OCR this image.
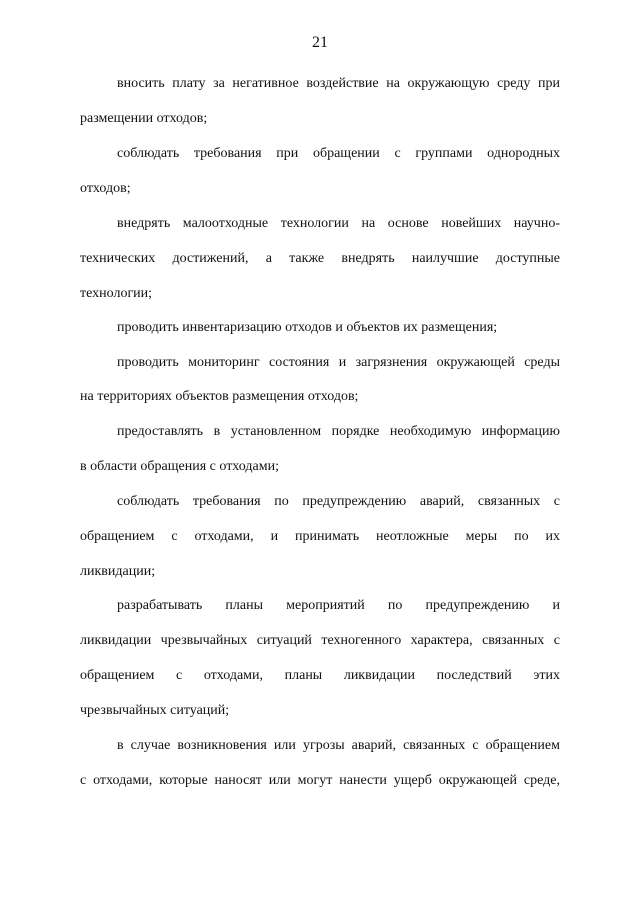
21
вносить плату за негативное воздействие на окружающую среду при
размещении отходов;
соблюдать требования при обращении с группами однородных
отходов;
внедрять малоотходные технологии на основе новейших научно-
технических достижений, а также внедрять наилучшие доступные
технологии;
проводить инвентаризацию отходов и объектов их размещения;
проводить мониторинг состояния и загрязнения окружающей среды
на территориях объектов размещения отходов;
предоставлять в установленном порядке необходимую информацию
в области обращения с отходами;
соблюдать требования по предупреждению аварий, связанных с
обращением с отходами, и принимать неотложные меры по их
ликвидации;
разрабатывать планы мероприятий по предупреждению и
ликвидации чрезвычайных ситуаций техногенного характера, связанных с
обращением с отходами, планы ликвидации последствий этих
чрезвычайных ситуаций;
в случае возникновения или угрозы аварий, связанных с обращением
с отходами, которые наносят или могут нанести ущерб окружающей среде,
